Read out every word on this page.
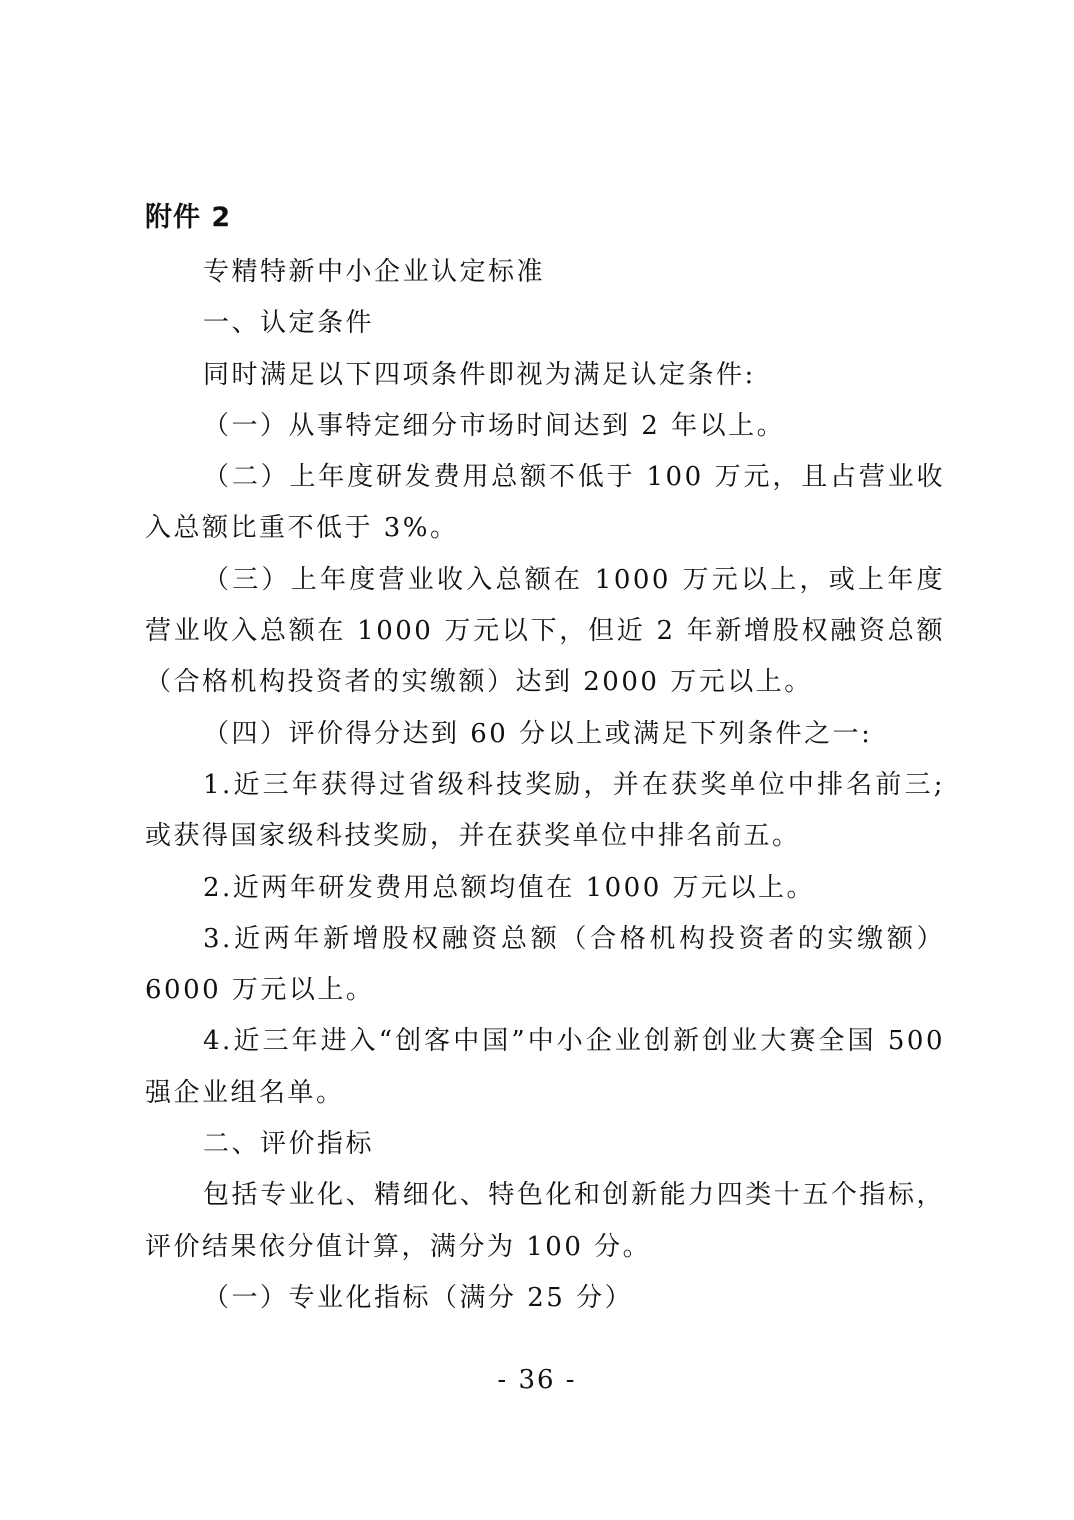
附件 2

专精特新中小企业认定标准

一、认定条件

同时满足以下四项条件即视为满足认定条件:

（一）从事特定细分市场时间达到 2 年以上。

（二）上年度研发费用总额不低于 100 万元，且占营业收入总额比重不低于 3%。

（三）上年度营业收入总额在 1000 万元以上，或上年度营业收入总额在 1000 万元以下，但近 2 年新增股权融资总额（合格机构投资者的实缴额）达到 2000 万元以上。

（四）评价得分达到 60 分以上或满足下列条件之一:

1.近三年获得过省级科技奖励，并在获奖单位中排名前三;或获得国家级科技奖励，并在获奖单位中排名前五。

2.近两年研发费用总额均值在 1000 万元以上。

3.近两年新增股权融资总额（合格机构投资者的实缴额）6000 万元以上。

4.近三年进入“创客中国”中小企业创新创业大赛全国 500 强企业组名单。

二、评价指标

包括专业化、精细化、特色化和创新能力四类十五个指标，评价结果依分值计算，满分为 100 分。

（一）专业化指标（满分 25 分）

- 36 -
